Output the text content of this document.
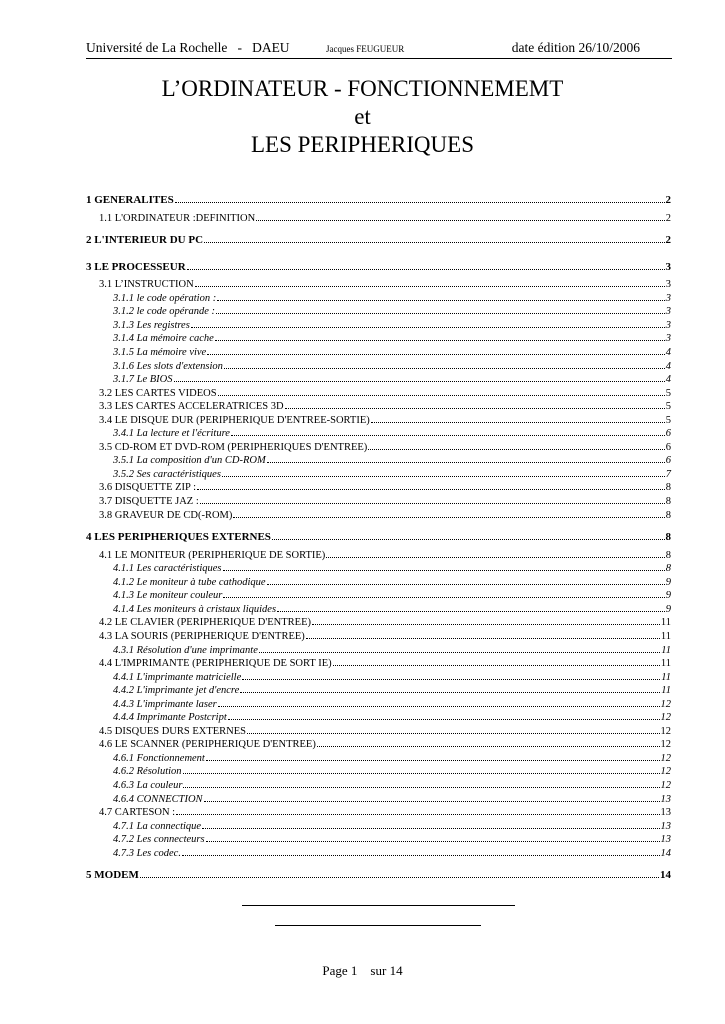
Université de La Rochelle   -   DAEU	Jacques FEUGUEUR	date édition 26/10/2006
L’ORDINATEUR - FONCTIONNEMEMT
et
LES PERIPHERIQUES
1 GENERALITES	2
1.1 L'ORDINATEUR :DEFINITION	2
2 L'INTERIEUR DU PC	2
3 LE PROCESSEUR	3
3.1 L’INSTRUCTION	3
3.1.1 le code opération :	3
3.1.2 le code opérande :	3
3.1.3 Les registres	3
3.1.4 La mémoire cache	3
3.1.5 La mémoire vive	4
3.1.6 Les slots d'extension	4
3.1.7 Le BIOS	4
3.2 LES CARTES VIDEOS	5
3.3 LES CARTES ACCELERATRICES 3D	5
3.4 LE DISQUE DUR (PERIPHERIQUE D'ENTREE-SORTIE)	5
3.4.1 La lecture et l'écriture	6
3.5 CD-ROM ET DVD-ROM (PERIPHERIQUES D'ENTREE)	6
3.5.1 La composition d'un CD-ROM	6
3.5.2 Ses caractéristiques	7
3.6 DISQUETTE ZIP :	8
3.7 DISQUETTE JAZ :	8
3.8 GRAVEUR DE CD(-ROM)	8
4 LES PERIPHERIQUES EXTERNES	8
4.1 LE MONITEUR (PERIPHERIQUE DE SORTIE)	8
4.1.1 Les caractéristiques	8
4.1.2 Le moniteur à tube cathodique	9
4.1.3 Le moniteur couleur	9
4.1.4 Les moniteurs à cristaux liquides	9
4.2 LE CLAVIER (PERIPHERIQUE D'ENTREE)	11
4.3 LA SOURIS (PERIPHERIQUE D'ENTREE)	11
4.3.1 Résolution d'une imprimante	11
4.4 L'IMPRIMANTE (PERIPHERIQUE DE SORT IE)	11
4.4.1 L'imprimante matricielle	11
4.4.2 L'imprimante jet d'encre	11
4.4.3 L'imprimante laser	12
4.4.4 Imprimante Postcript	12
4.5 DISQUES DURS EXTERNES	12
4.6 LE SCANNER (PERIPHERIQUE D'ENTREE)	12
4.6.1 Fonctionnement	12
4.6.2 Résolution	12
4.6.3 La couleur	12
4.6.4 CONNECTION	13
4.7 CARTESON :	13
4.7.1 La connectique	13
4.7.2 Les connecteurs	13
4.7.3 Les codec.	14
5 MODEM	14
Page 1    sur 14
